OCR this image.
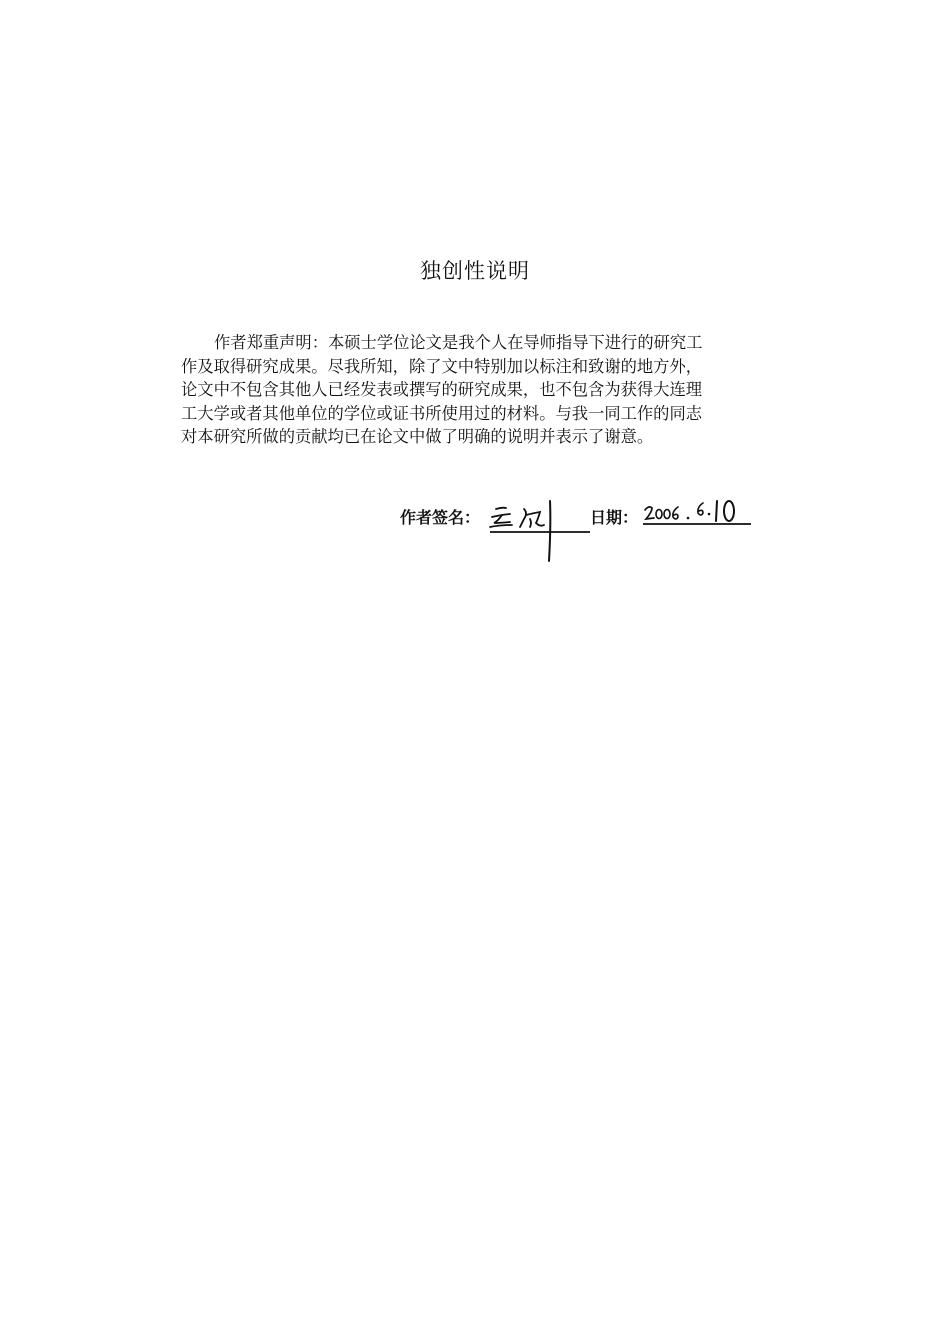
独创性说明
作者郑重声明：本硕士学位论文是我个人在导师指导下进行的研究工
作及取得研究成果。尽我所知，除了文中特别加以标注和致谢的地方外，
论文中不包含其他人已经发表或撰写的研究成果，也不包含为获得大连理
工大学或者其他单位的学位或证书所使用过的材料。与我一同工作的同志
对本研究所做的贡献均已在论文中做了明确的说明并表示了谢意。
作者签名：	日期：
